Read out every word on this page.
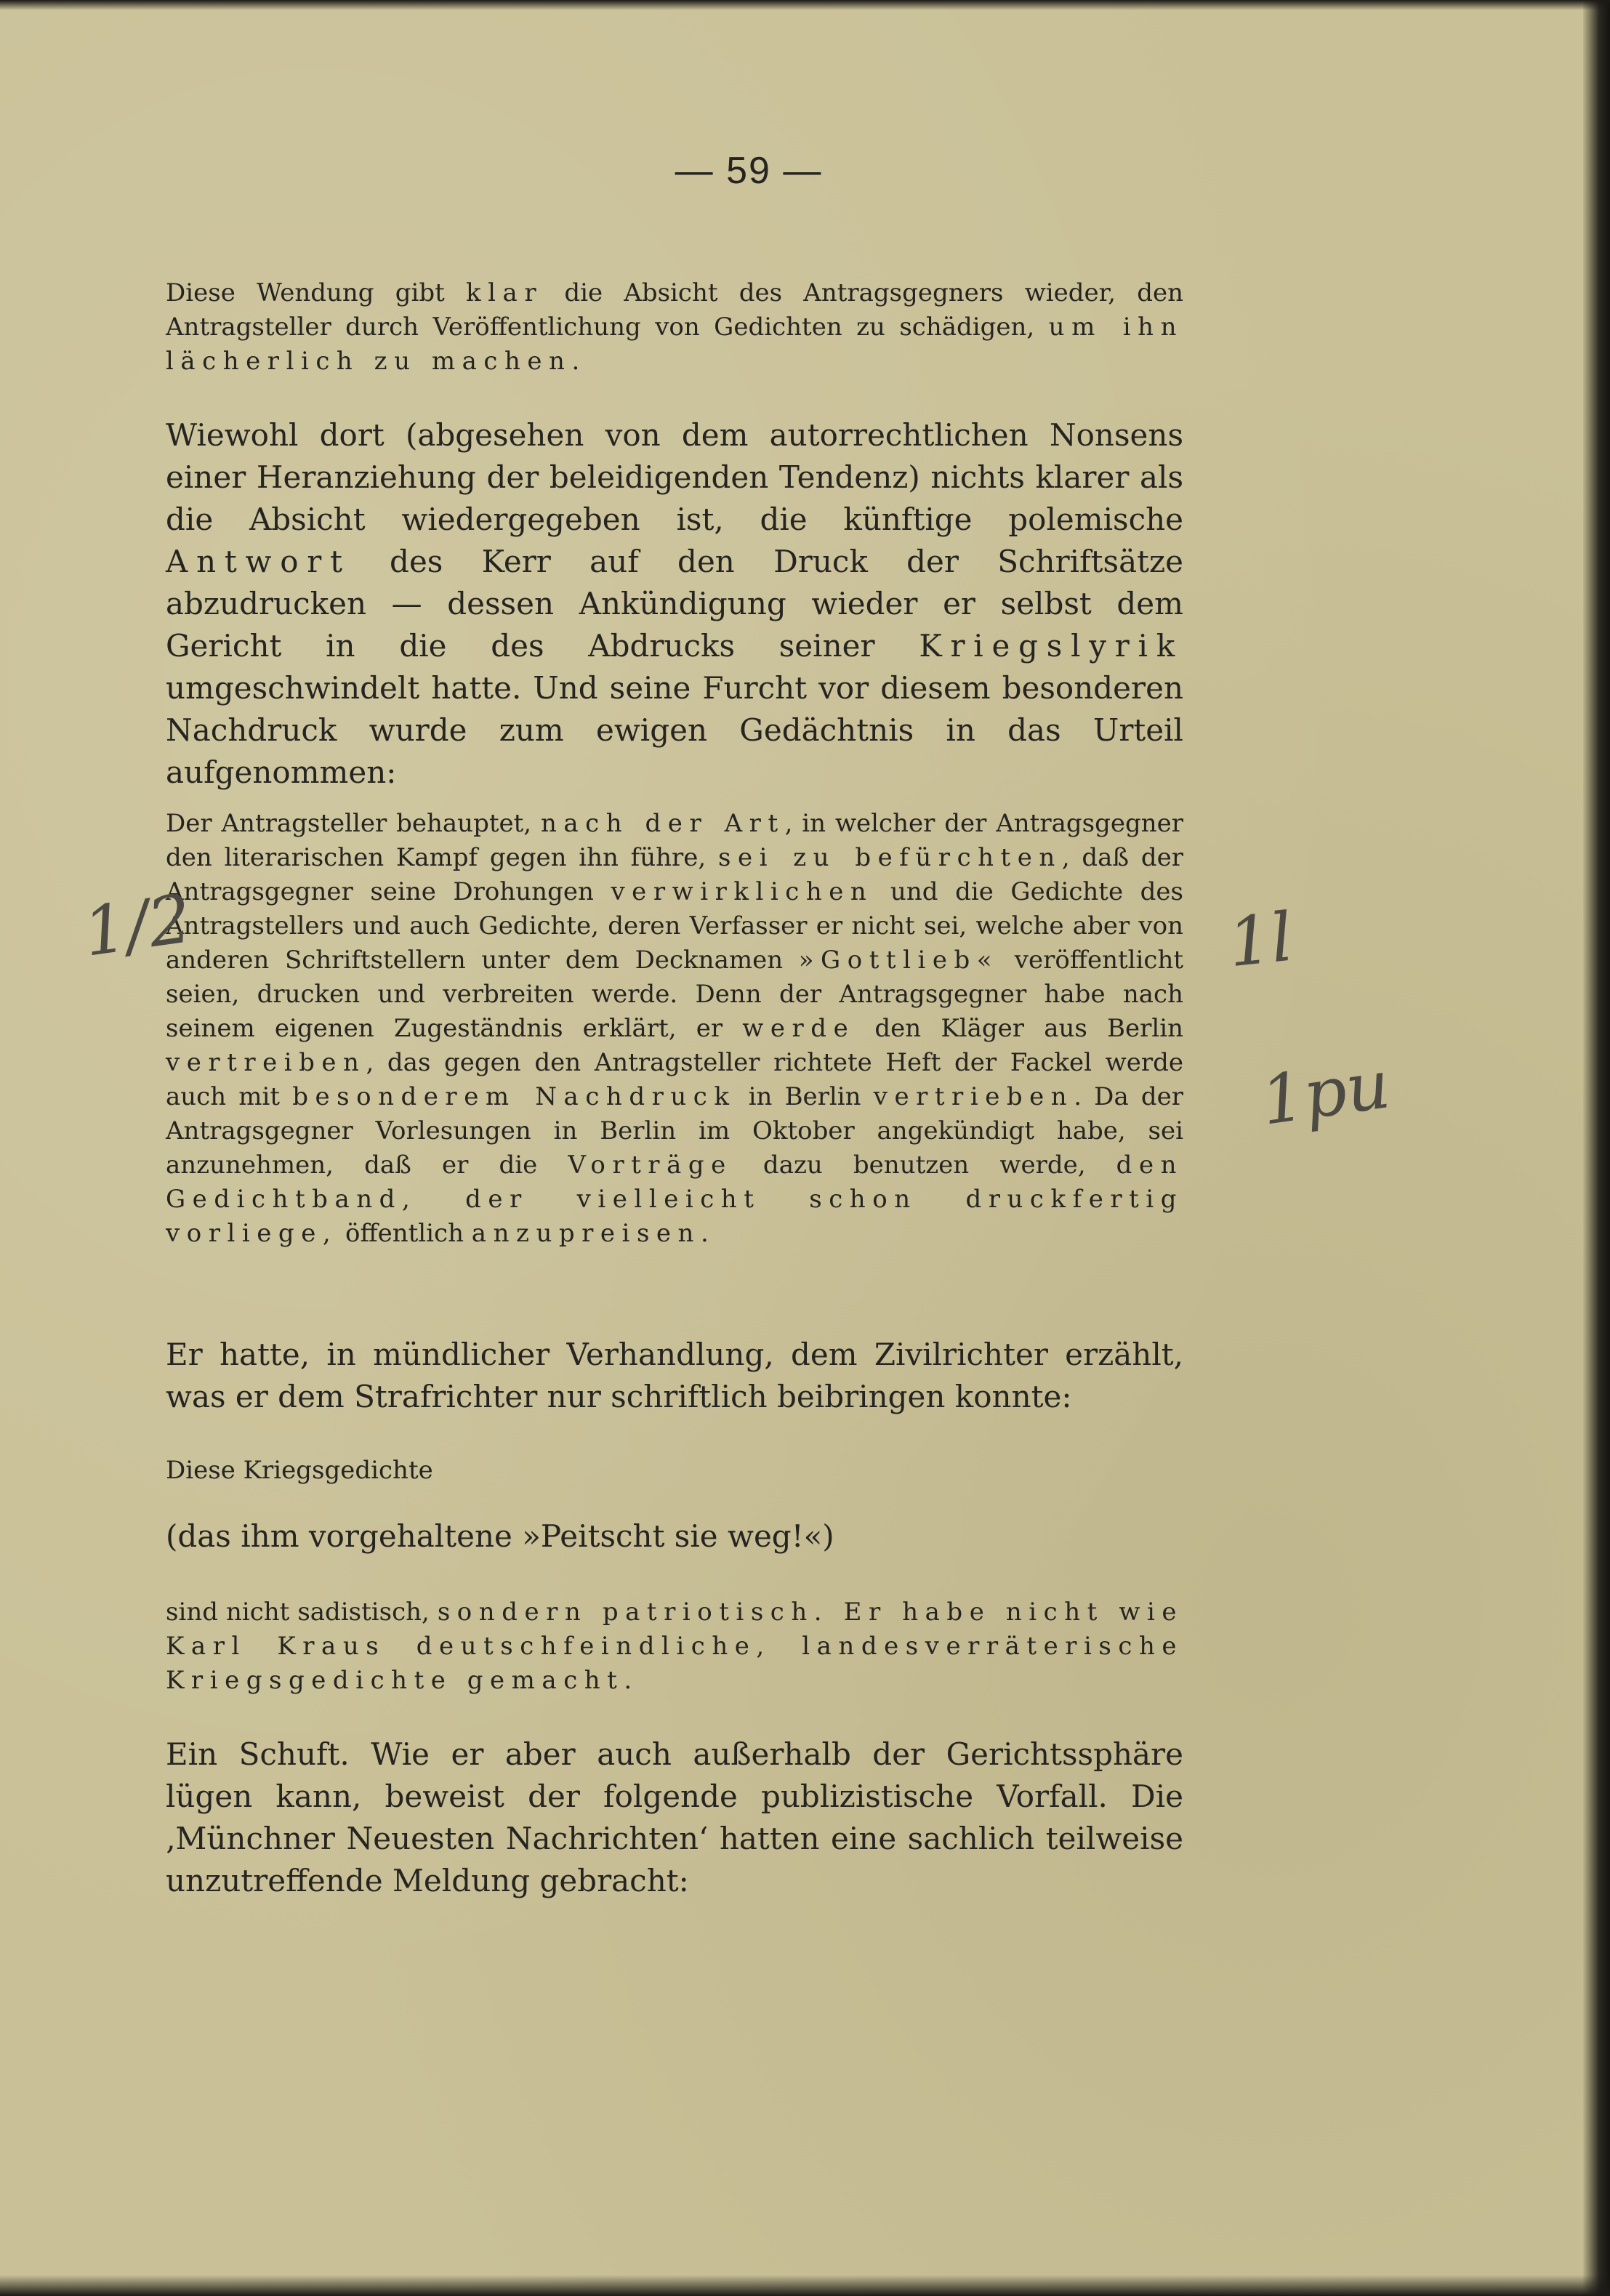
— 59 —

Diese Wendung gibt klar die Absicht des Antragsgegners wieder, den Antragsteller durch Veröffentlichung von Gedichten zu schädigen, um ihn lächerlich zu machen.

Wiewohl dort (abgesehen von dem autorrechtlichen Nonsens einer Heranziehung der beleidigenden Tendenz) nichts klarer als die Absicht wiedergegeben ist, die künftige polemische Antwort des Kerr auf den Druck der Schriftsätze abzudrucken — dessen Ankündigung wieder er selbst dem Gericht in die des Abdrucks seiner Kriegslyrik umgeschwindelt hatte. Und seine Furcht vor diesem besonderen Nachdruck wurde zum ewigen Gedächtnis in das Urteil aufgenommen:

Der Antragsteller behauptet, nach der Art, in welcher der Antragsgegner den literarischen Kampf gegen ihn führe, sei zu befürchten, daß der Antragsgegner seine Drohungen verwirklichen und die Gedichte des Antragstellers und auch Gedichte, deren Verfasser er nicht sei, welche aber von anderen Schriftstellern unter dem Decknamen »Gottlieb« veröffentlicht seien, drucken und verbreiten werde. Denn der Antragsgegner habe nach seinem eigenen Zugeständnis erklärt, er werde den Kläger aus Berlin vertreiben, das gegen den Antragsteller richtete Heft der Fackel werde auch mit besonderem Nachdruck in Berlin vertrieben. Da der Antragsgegner Vorlesungen in Berlin im Oktober angekündigt habe, sei anzunehmen, daß er die Vorträge dazu benutzen werde, den Gedichtband, der vielleicht schon druckfertig vorliege, öffentlich anzupreisen.

Er hatte, in mündlicher Verhandlung, dem Zivilrichter erzählt, was er dem Strafrichter nur schriftlich beibringen konnte:

Diese Kriegsgedichte

(das ihm vorgehaltene »Peitscht sie weg!«)

sind nicht sadistisch, sondern patriotisch. Er habe nicht wie Karl Kraus deutschfeindliche, landesverräterische Kriegsgedichte gemacht.

Ein Schuft. Wie er aber auch außerhalb der Gerichtssphäre lügen kann, beweist der folgende publizistische Vorfall. Die ‚Münchner Neuesten Nachrichten‘ hatten eine sachlich teilweise unzutreffende Meldung gebracht:

1/2	1l
1pu
